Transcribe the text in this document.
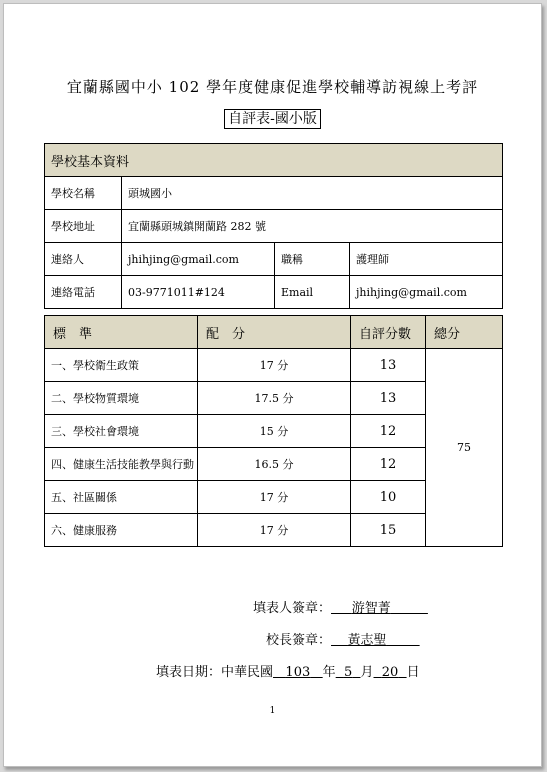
宜蘭縣國中小 102 學年度健康促進學校輔導訪視線上考評
自評表-國小版
學校基本資料			
學校名稱	頭城國小		
學校地址	宜蘭縣頭城鎮開蘭路 282 號		
連絡人	jhihjing@gmail.com	職稱	護理師
連絡電話	03-9771011#124	Email	jhihjing@gmail.com
標　準	配　分	自評分數	總分
一、學校衛生政策	17 分	13	75
二、學校物質環境	17.5 分	13	
三、學校社會環境	15 分	12	
四、健康生活技能教學與行動	16.5 分	12	
五、社區關係	17 分	10	
六、健康服務	17 分	15	
填表人簽章： 游智菁
校長簽章： 黃志聖
填表日期：中華民國 103 年 5 月 20 日
1
